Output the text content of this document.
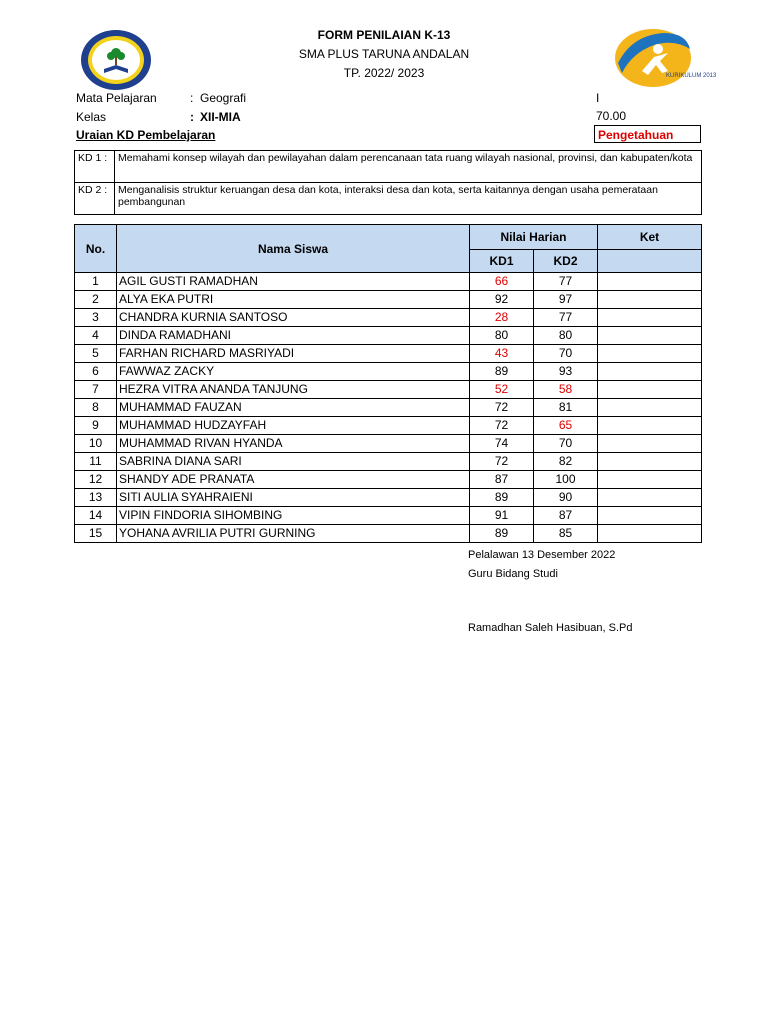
FORM PENILAIAN K-13
SMA PLUS TARUNA ANDALAN
TP. 2022/ 2023	KURIKULUM 2013
Mata Pelajaran	: Geografi
Kelas	: XII-MIA
Uraian KD Pembelajaran
I
70.00
Pengetahuan
KD 1 :	Memahami konsep wilayah dan pewilayahan dalam perencanaan tata ruang wilayah nasional, provinsi, dan kabupaten/kota
KD 2 :	Menganalisis struktur keruangan desa dan kota, interaksi desa dan kota, serta kaitannya dengan usaha pemerataan pembangunan
No.	Nama Siswa	Nilai Harian		Ket
		KD1	KD2	
1	AGIL GUSTI RAMADHAN	66	77	
2	ALYA EKA PUTRI	92	97	
3	CHANDRA KURNIA SANTOSO	28	77	
4	DINDA RAMADHANI	80	80	
5	FARHAN RICHARD MASRIYADI	43	70	
6	FAWWAZ ZACKY	89	93	
7	HEZRA VITRA ANANDA TANJUNG	52	58	
8	MUHAMMAD FAUZAN	72	81	
9	MUHAMMAD HUDZAYFAH	72	65	
10	MUHAMMAD RIVAN HYANDA	74	70	
11	SABRINA DIANA SARI	72	82	
12	SHANDY ADE PRANATA	87	100	
13	SITI AULIA SYAHRAIENI	89	90	
14	VIPIN FINDORIA SIHOMBING	91	87	
15	YOHANA AVRILIA PUTRI GURNING	89	85	
Pelalawan 13 Desember 2022
Guru Bidang Studi
Ramadhan Saleh Hasibuan, S.Pd
